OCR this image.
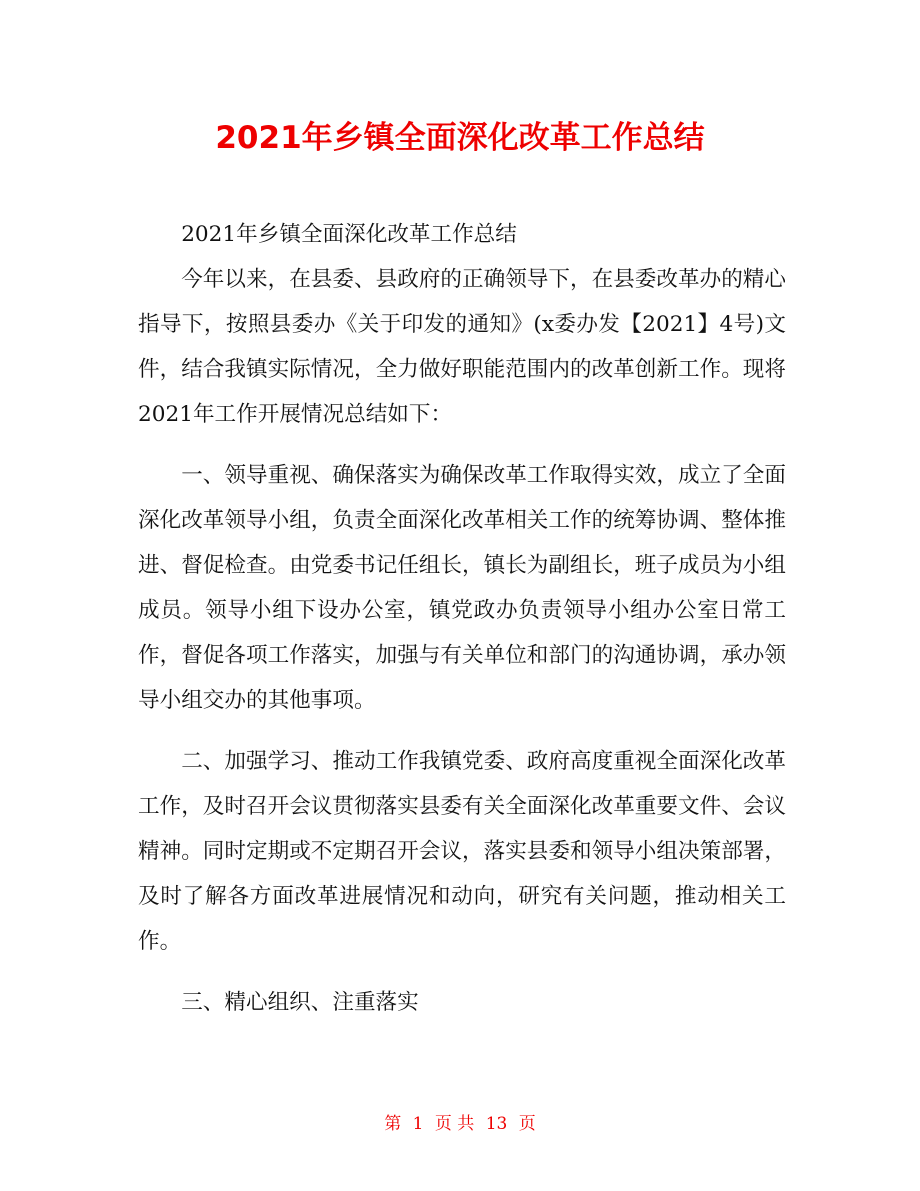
2021年乡镇全面深化改革工作总结

2021年乡镇全面深化改革工作总结

今年以来，在县委、县政府的正确领导下，在县委改革办的精心指导下，按照县委办《关于印发的通知》(x委办发【2021】4号)文件，结合我镇实际情况，全力做好职能范围内的改革创新工作。现将2021年工作开展情况总结如下：

一、领导重视、确保落实为确保改革工作取得实效，成立了全面深化改革领导小组，负责全面深化改革相关工作的统筹协调、整体推进、督促检查。由党委书记任组长，镇长为副组长，班子成员为小组成员。领导小组下设办公室，镇党政办负责领导小组办公室日常工作，督促各项工作落实，加强与有关单位和部门的沟通协调，承办领导小组交办的其他事项。

二、加强学习、推动工作我镇党委、政府高度重视全面深化改革工作，及时召开会议贯彻落实县委有关全面深化改革重要文件、会议精神。同时定期或不定期召开会议，落实县委和领导小组决策部署，及时了解各方面改革进展情况和动向，研究有关问题，推动相关工作。

三、精心组织、注重落实

第 1 页 共 13 页
